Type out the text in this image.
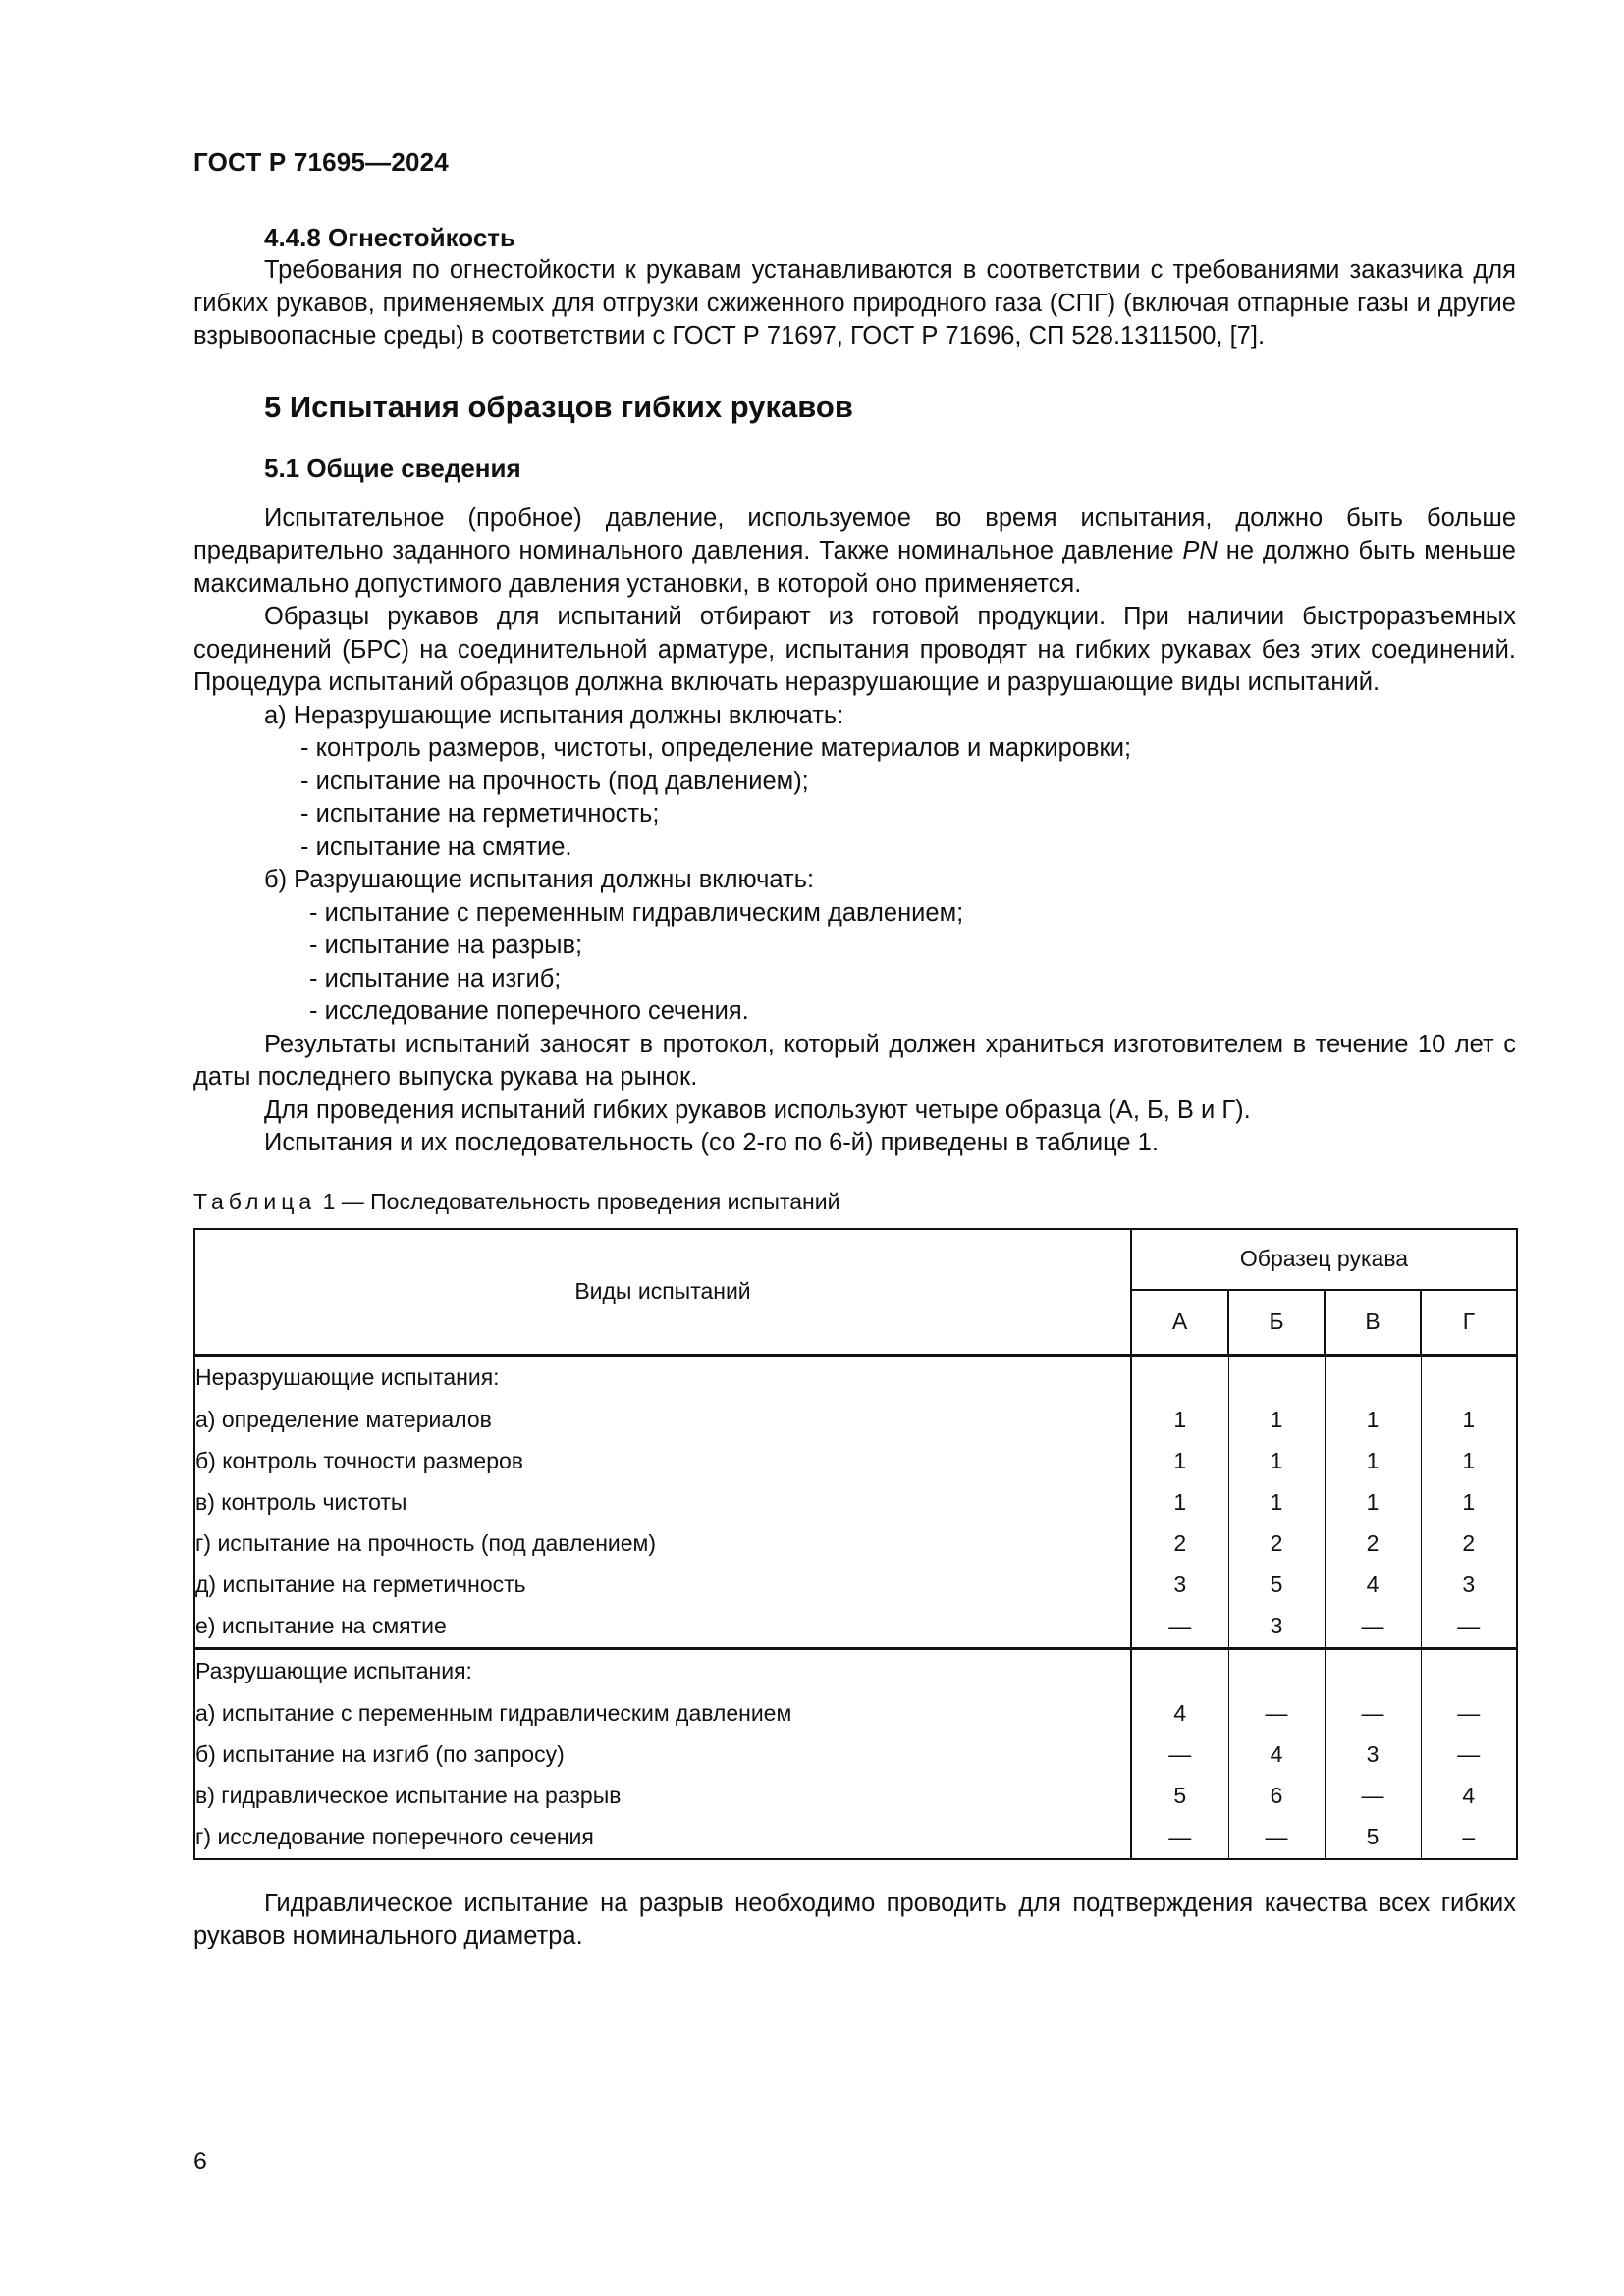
ГОСТ Р 71695—2024
4.4.8 Огнестойкость

Требования по огнестойкости к рукавам устанавливаются в соответствии с требованиями заказчика для гибких рукавов, применяемых для отгрузки сжиженного природного газа (СПГ) (включая отпарные газы и другие взрывоопасные среды) в соответствии с ГОСТ Р 71697, ГОСТ Р 71696, СП 528.1311500, [7].

5 Испытания образцов гибких рукавов
5.1 Общие сведения

Испытательное (пробное) давление, используемое во время испытания, должно быть больше предварительно заданного номинального давления. Также номинальное давление PN не должно быть меньше максимально допустимого давления установки, в которой оно применяется.

Образцы рукавов для испытаний отбирают из готовой продукции. При наличии быстроразъемных соединений (БРС) на соединительной арматуре, испытания проводят на гибких рукавах без этих соединений. Процедура испытаний образцов должна включать неразрушающие и разрушающие виды испытаний.

а) Неразрушающие испытания должны включать:
- контроль размеров, чистоты, определение материалов и маркировки;
- испытание на прочность (под давлением);
- испытание на герметичность;
- испытание на смятие.
б) Разрушающие испытания должны включать:
- испытание с переменным гидравлическим давлением;
- испытание на разрыв;
- испытание на изгиб;
- исследование поперечного сечения.

Результаты испытаний заносят в протокол, который должен храниться изготовителем в течение 10 лет с даты последнего выпуска рукава на рынок.

Для проведения испытаний гибких рукавов используют четыре образца (А, Б, В и Г).

Испытания и их последовательность (со 2-го по 6-й) приведены в таблице 1.

Таблица 1 — Последовательность проведения испытаний
Виды испытаний	Образец рукава			
	А	Б	В	Г
Неразрушающие испытания:				
а) определение материалов	1	1	1	1
б) контроль точности размеров	1	1	1	1
в) контроль чистоты	1	1	1	1
г) испытание на прочность (под давлением)	2	2	2	2
д) испытание на герметичность	3	5	4	3
е) испытание на смятие	—	3	—	—
Разрушающие испытания:				
а) испытание с переменным гидравлическим давлением	4	—	—	—
б) испытание на изгиб (по запросу)	—	4	3	—
в) гидравлическое испытание на разрыв	5	6	—	4
г) исследование поперечного сечения	—	—	5	–

Гидравлическое испытание на разрыв необходимо проводить для подтверждения качества всех гибких рукавов номинального диаметра.

6
